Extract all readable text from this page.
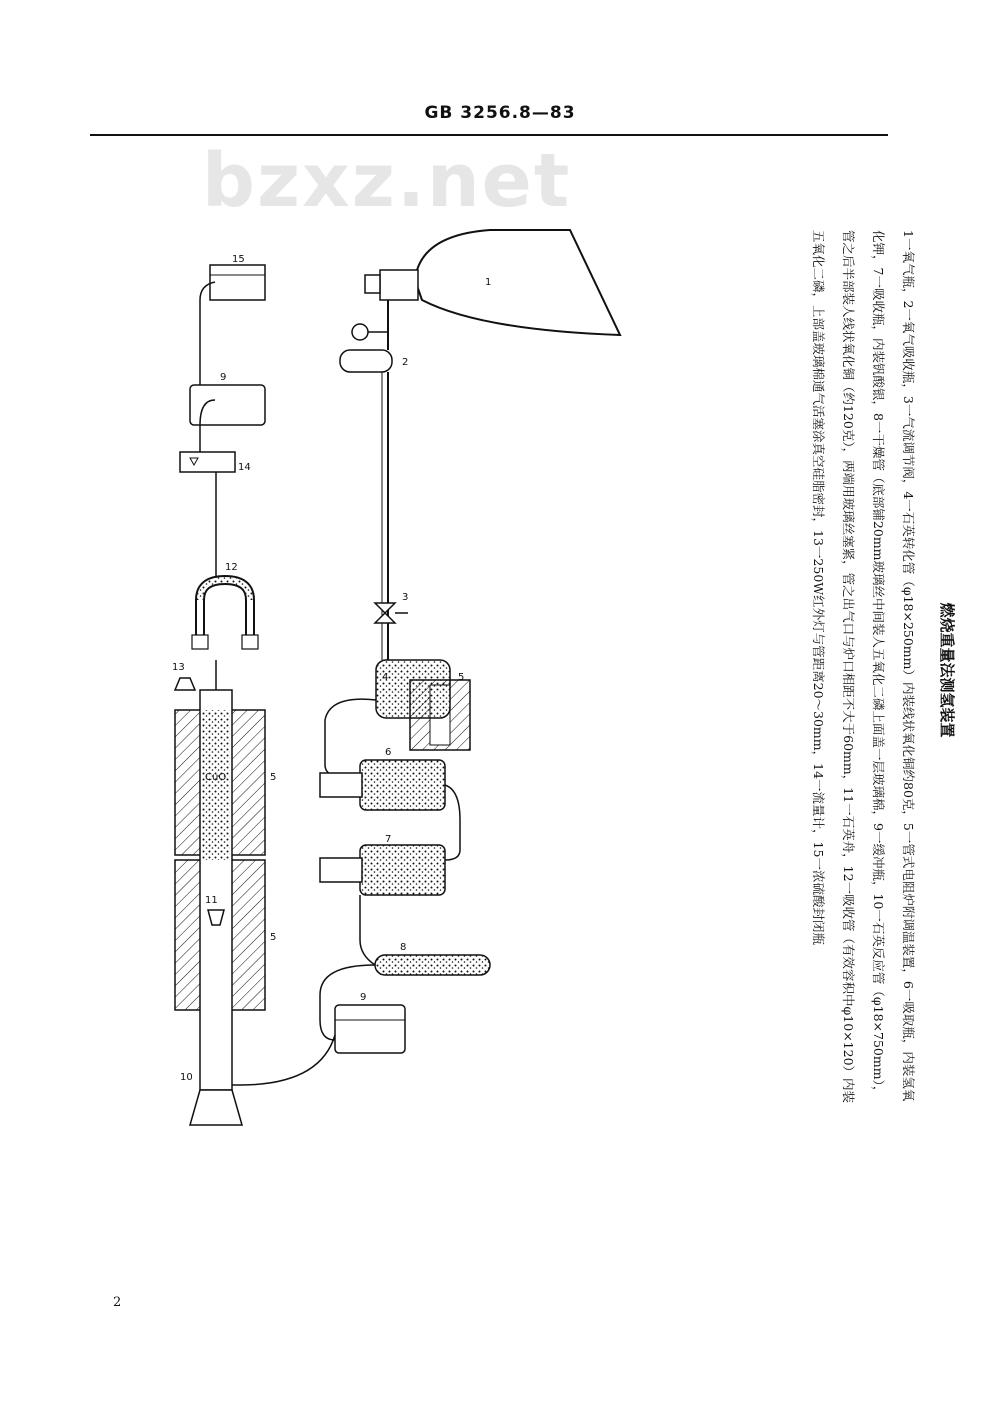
GB 3256.8—83
bzxz.net
1
2
3
4	5
6
7
8
9
5
5
CuO
10
11
13
12
14
9
15
燃烧重量法测氢装置
1一氧气瓶，2一氧气吸收瓶，3一气流调节阀，4一石英转化管（φ18×250mm）内装线状氧化铜约80克，5一管式电阻炉附调温装置，6一吸取瓶，内装氢氧化钾，7一吸收瓶，内装钒酸银，8一干燥管（底部铺20mm玻璃丝中间装人五氧化二磷上面盖一层玻璃棉，9一缓冲瓶，10一石英反应管（φ18×750mm），管之后半部装人线状氧化铜（约120克），两端用玻璃丝塞紧，管之出气口与炉口相距不大于60mm，11一石英舟，12一吸收管（有效容积中φ10×120）内装五氧化二磷，上部盖玻璃棉通气活塞涂真空硅脂密封，13一250W红外灯与管距离20～30mm，14一流量计，15一浓硫酸封闭瓶
2
